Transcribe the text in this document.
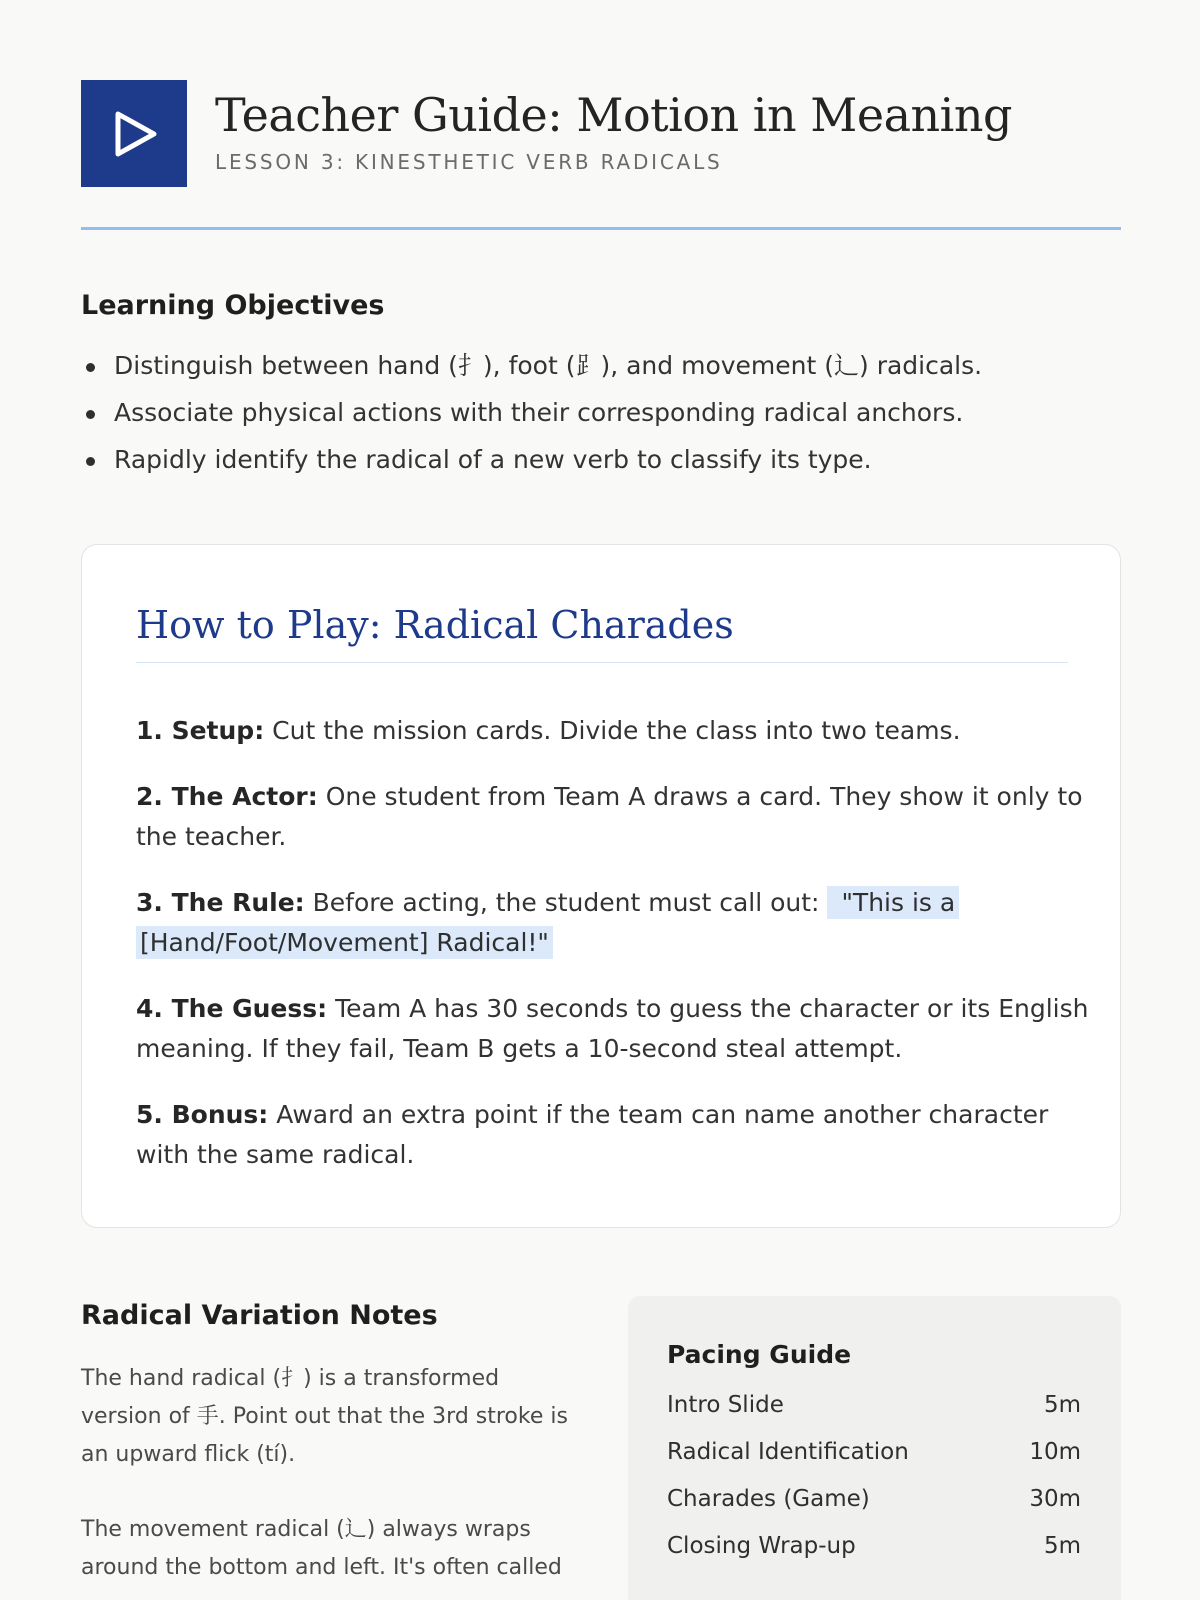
Teacher Guide: Motion in Meaning
LESSON 3: KINESTHETIC VERB RADICALS
Learning Objectives
Distinguish between hand (扌), foot (⻊), and movement (辶) radicals.
Associate physical actions with their corresponding radical anchors.
Rapidly identify the radical of a new verb to classify its type.
How to Play: Radical Charades
1. Setup: Cut the mission cards. Divide the class into two teams.
2. The Actor: One student from Team A draws a card. They show it only to
the teacher.
3. The Rule: Before acting, the student must call out: "This is a
[Hand/Foot/Movement] Radical!"
4. The Guess: Team A has 30 seconds to guess the character or its English
meaning. If they fail, Team B gets a 10-second steal attempt.
5. Bonus: Award an extra point if the team can name another character
with the same radical.
Radical Variation Notes

The hand radical (扌) is a transformed
version of 手. Point out that the 3rd stroke is
an upward flick (tí).

The movement radical (辶) always wraps
around the bottom and left. It's often called

Pacing Guide
Intro Slide	5m
Radical Identification	10m
Charades (Game)	30m
Closing Wrap-up	5m
